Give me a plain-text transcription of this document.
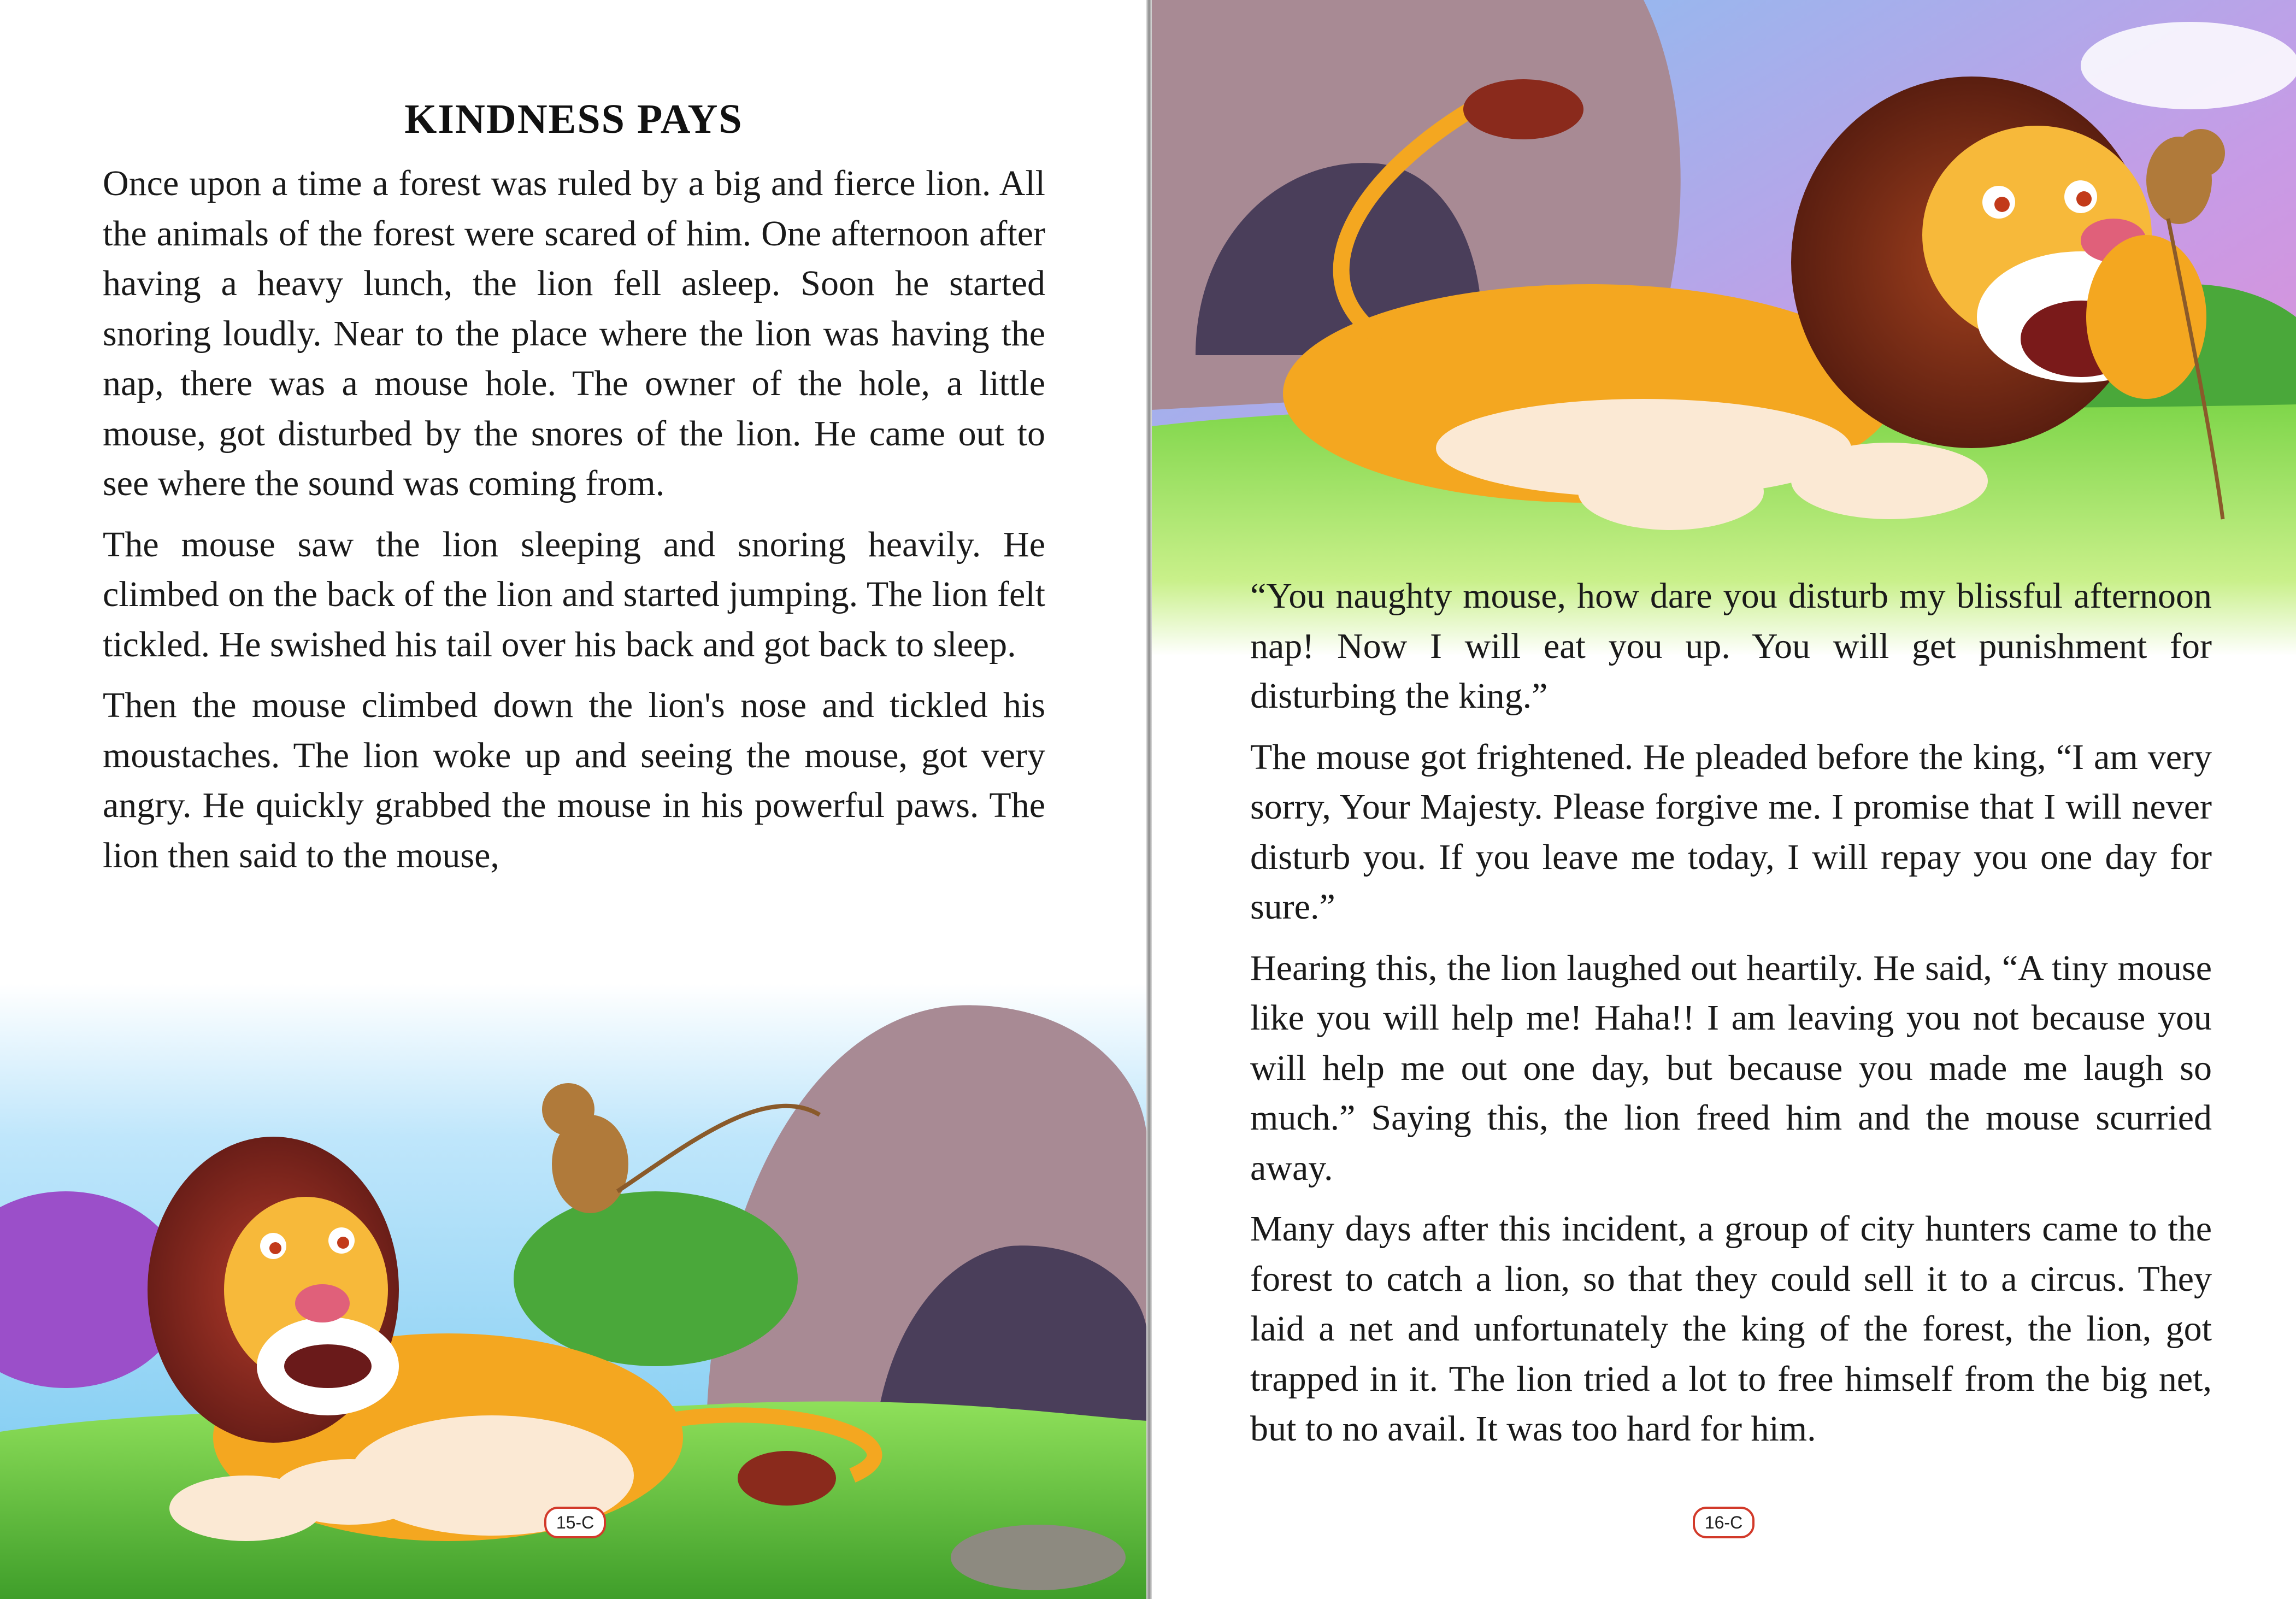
KINDNESS PAYS

Once upon a time a forest was ruled by a big and fierce lion. All the animals of the forest were scared of him. One afternoon after having a heavy lunch, the lion fell asleep. Soon he started snoring loudly. Near to the place where the lion was having the nap, there was a mouse hole. The owner of the hole, a little mouse, got disturbed by the snores of the lion. He came out to see where the sound was coming from.

The mouse saw the lion sleeping and snoring heavily. He climbed on the back of the lion and started jumping. The lion felt tickled. He swished his tail over his back and got back to sleep.

Then the mouse climbed down the lion's nose and tickled his moustaches. The lion woke up and seeing the mouse, got very angry. He quickly grabbed the mouse in his powerful paws. The lion then said to the mouse,

15-C

“You naughty mouse, how dare you disturb my blissful afternoon nap! Now I will eat you up. You will get punishment for disturbing the king.”

The mouse got frightened. He pleaded before the king, “I am very sorry, Your Majesty. Please forgive me. I promise that I will never disturb you. If you leave me today, I will repay you one day for sure.”

Hearing this, the lion laughed out heartily. He said, “A tiny mouse like you will help me! Haha!! I am leaving you not because you will help me out one day, but because you made me laugh so much.” Saying this, the lion freed him and the mouse scurried away.

Many days after this incident, a group of city hunters came to the forest to catch a lion, so that they could sell it to a circus. They laid a net and unfortunately the king of the forest, the lion, got trapped in it. The lion tried a lot to free himself from the big net, but to no avail. It was too hard for him.

16-C
